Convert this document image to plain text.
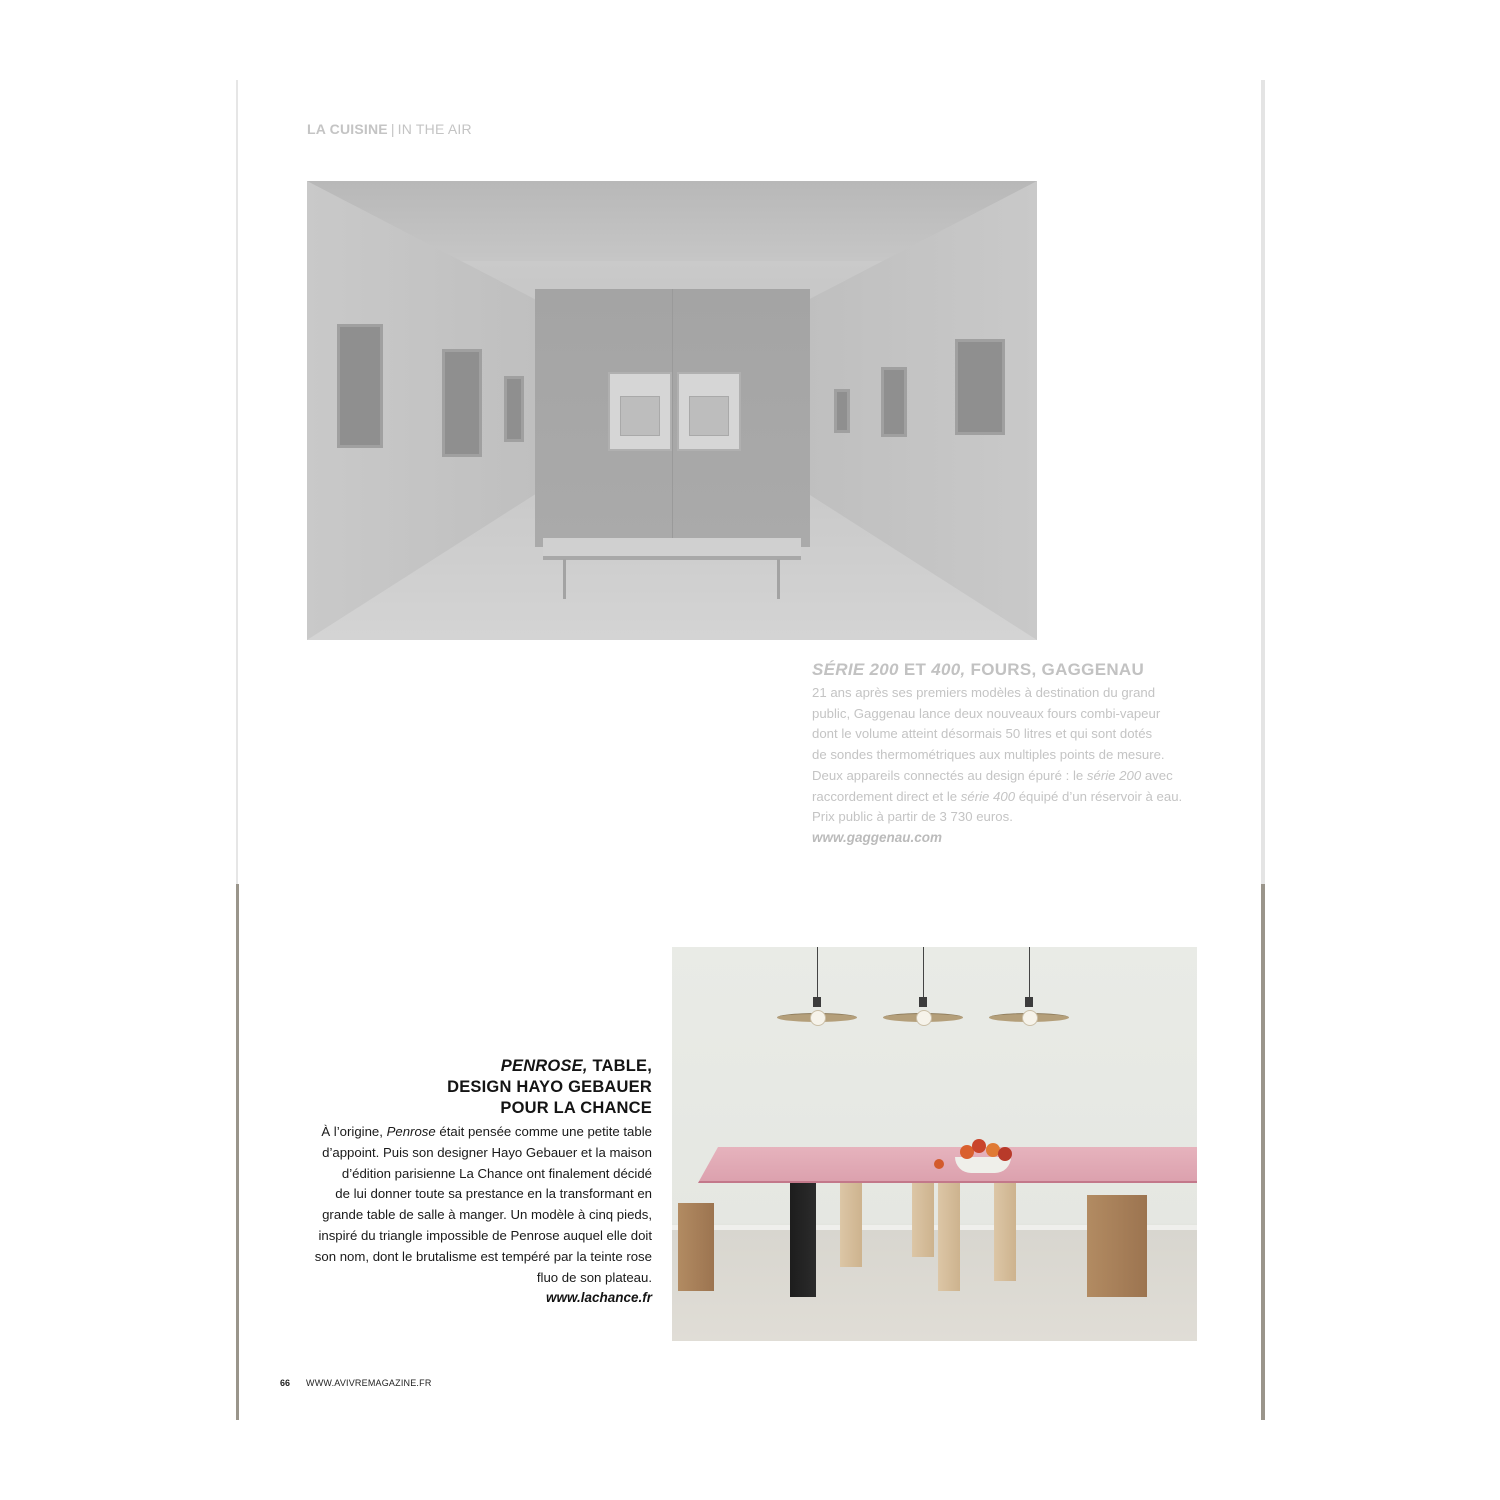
LA CUISINE | IN THE AIR
SÉRIE 200 ET 400, FOURS, GAGGENAU

21 ans après ses premiers modèles à destination du grand

public, Gaggenau lance deux nouveaux fours combi-vapeur

dont le volume atteint désormais 50 litres et qui sont dotés

de sondes thermométriques aux multiples points de mesure.

Deux appareils connectés au design épuré : le série 200 avec

raccordement direct et le série 400 équipé d’un réservoir à eau.

Prix public à partir de 3 730 euros.

www.gaggenau.com

PENROSE, TABLE,
DESIGN HAYO GEBAUER
POUR LA CHANCE

À l’origine, Penrose était pensée comme une petite table

d’appoint. Puis son designer Hayo Gebauer et la maison

d’édition parisienne La Chance ont finalement décidé

de lui donner toute sa prestance en la transformant en

grande table de salle à manger. Un modèle à cinq pieds,

inspiré du triangle impossible de Penrose auquel elle doit

son nom, dont le brutalisme est tempéré par la teinte rose

fluo de son plateau.

www.lachance.fr

66 WWW.AVIVREMAGAZINE.FR
